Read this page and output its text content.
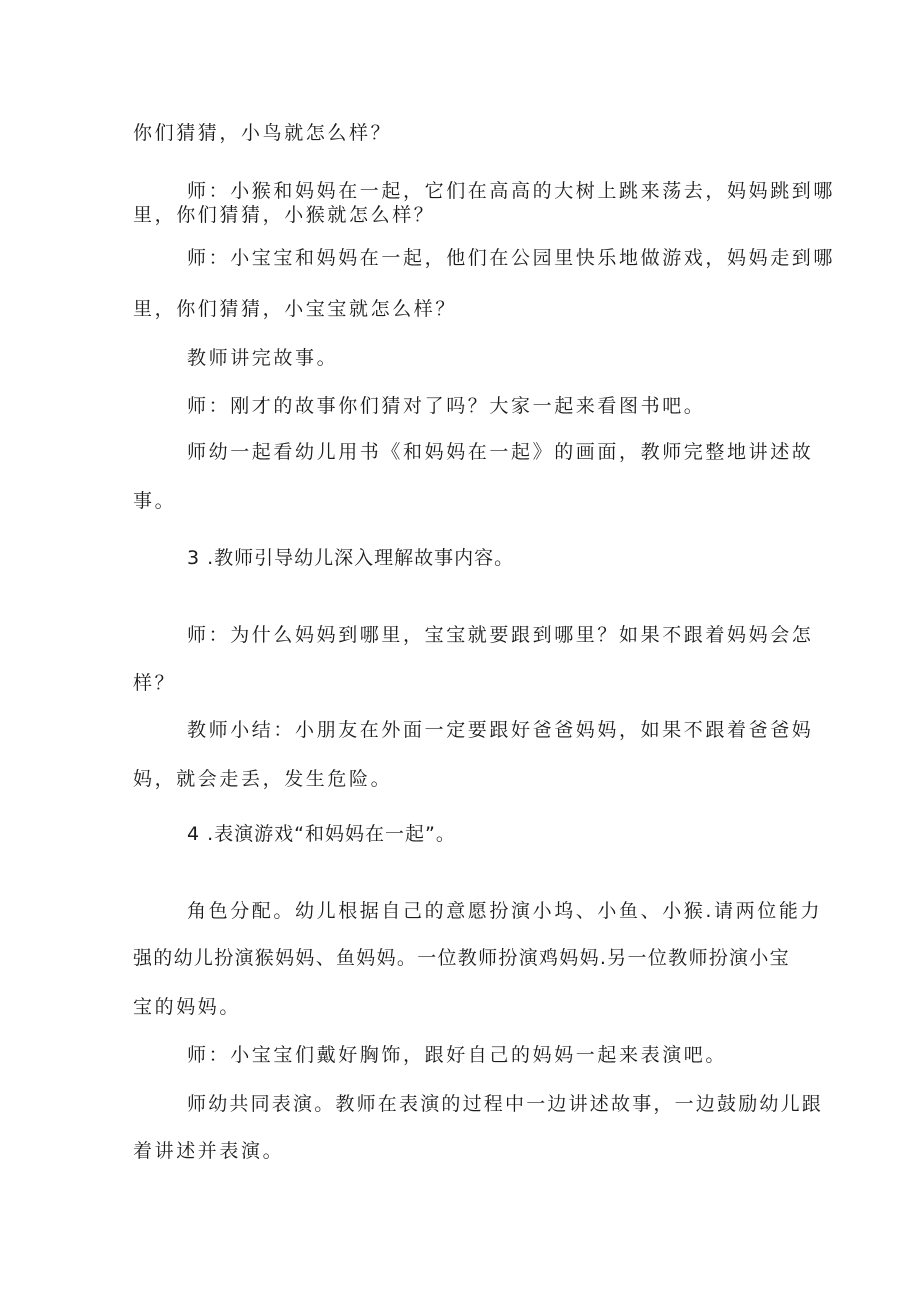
你们猜猜，小鸟就怎么样？
师：小猴和妈妈在一起，它们在高高的大树上跳来荡去，妈妈跳到哪
里，你们猜猜，小猴就怎么样？
师：小宝宝和妈妈在一起，他们在公园里快乐地做游戏，妈妈走到哪
里，你们猜猜，小宝宝就怎么样？
教师讲完故事。
师：刚才的故事你们猜对了吗？大家一起来看图书吧。
师幼一起看幼儿用书《和妈妈在一起》的画面，教师完整地讲述故
事。
3 .教师引导幼儿深入理解故事内容。
师：为什么妈妈到哪里，宝宝就要跟到哪里？如果不跟着妈妈会怎
样？
教师小结：小朋友在外面一定要跟好爸爸妈妈，如果不跟着爸爸妈
妈，就会走丢，发生危险。
4 .表演游戏“和妈妈在一起”。
角色分配。幼儿根据自己的意愿扮演小坞、小鱼、小猴.请两位能力
强的幼儿扮演猴妈妈、鱼妈妈。一位教师扮演鸡妈妈.另一位教师扮演小宝
宝的妈妈。
师：小宝宝们戴好胸饰，跟好自己的妈妈一起来表演吧。
师幼共同表演。教师在表演的过程中一边讲述故事，一边鼓励幼儿跟
着讲述并表演。
